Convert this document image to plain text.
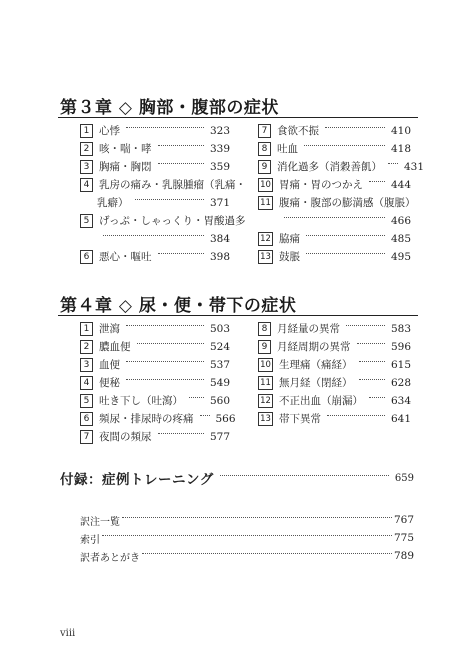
第３章 ◇ 胸部・腹部の症状
1 心悸	323
2 咳・喘・哮	339
3 胸痛・胸悶	359
4 乳房の痛み・乳腺腫瘤（乳痛・
乳癖）	371
5 げっぷ・しゃっくり・胃酸過多
384
6 悪心・嘔吐	398
7 食欲不振	410
8 吐血	418
9 消化過多（消穀善飢） 431
10 胃痛・胃のつかえ	444
11 腹痛・腹部の膨満感（腹脹）
466
12 脇痛	485
13 鼓脹	495
第４章 ◇ 尿・便・帯下の症状
1 泄瀉	503
2 膿血便	524
3 血便	537
4 便秘	549
5 吐き下し（吐瀉）	560
6 頻尿・排尿時の疼痛 566
7 夜間の頻尿	577
8 月経量の異常	583
9 月経周期の異常	596
10 生理痛（痛経）	615
11 無月経（閉経）	628
12 不正出血（崩漏）	634
13 帯下異常	641
付録：症例トレーニング	659
訳注一覧	767
索引	775
訳者あとがき	789
viii
